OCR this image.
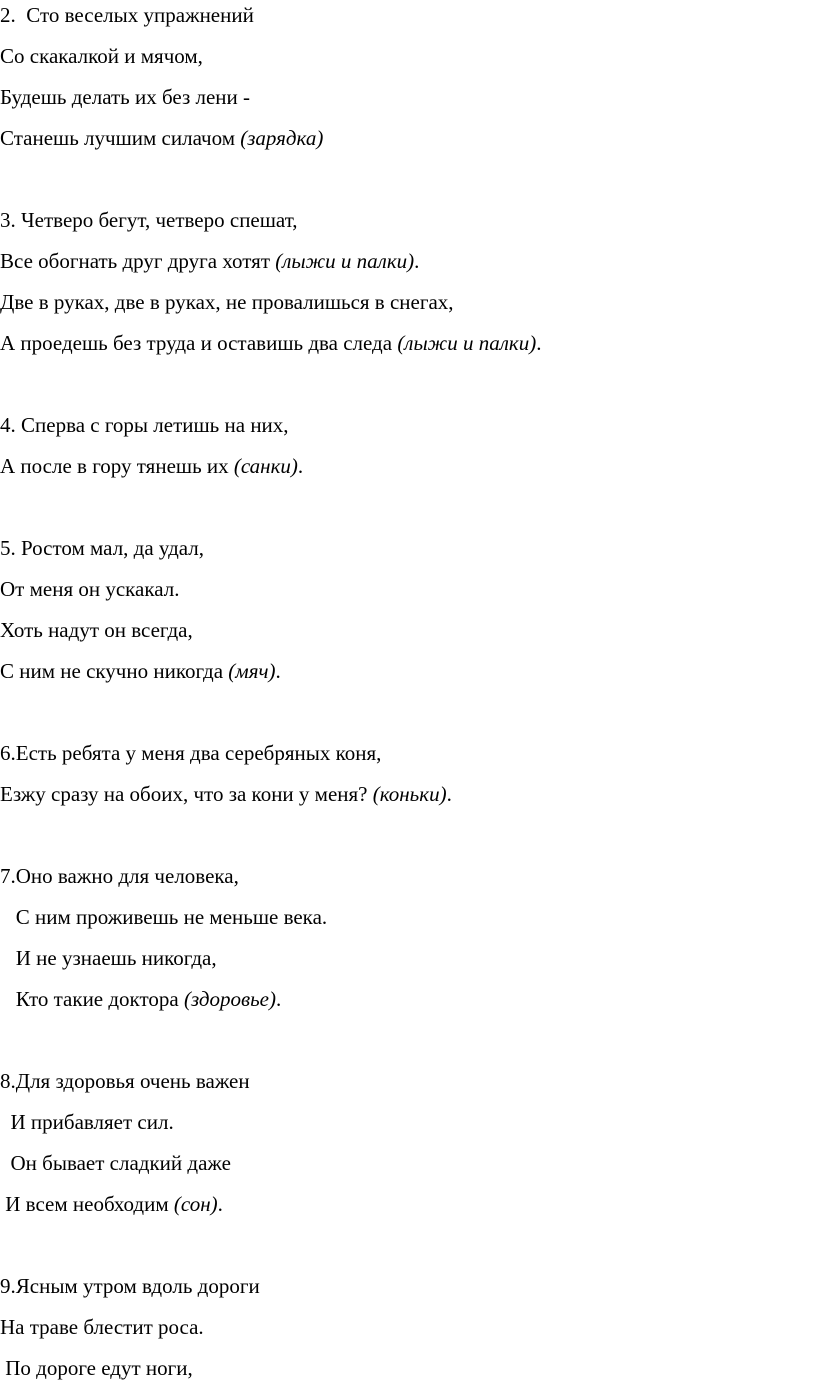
2.  Сто веселых упражнений
Со скакалкой и мячом,
Будешь делать их без лени -
Станешь лучшим силачом (зарядка)
3. Четверо бегут, четверо спешат,
Все обогнать друг друга хотят (лыжи и палки).
Две в руках, две в руках, не провалишься в снегах,
А проедешь без труда и оставишь два следа (лыжи и палки).
4. Сперва с горы летишь на них,
А после в гору тянешь их (санки).
5. Ростом мал, да удал,
От меня он ускакал.
Хоть надут он всегда,
С ним не скучно никогда (мяч).
6.Есть ребята у меня два серебряных коня,
Езжу сразу на обоих, что за кони у меня? (коньки).
7.Оно важно для человека,
С ним проживешь не меньше века.
И не узнаешь никогда,
Кто такие доктора (здоровье).
8.Для здоровья очень важен
И прибавляет сил.
Он бывает сладкий даже
И всем необходим (сон).
9.Ясным утром вдоль дороги
На траве блестит роса.
По дороге едут ноги,
